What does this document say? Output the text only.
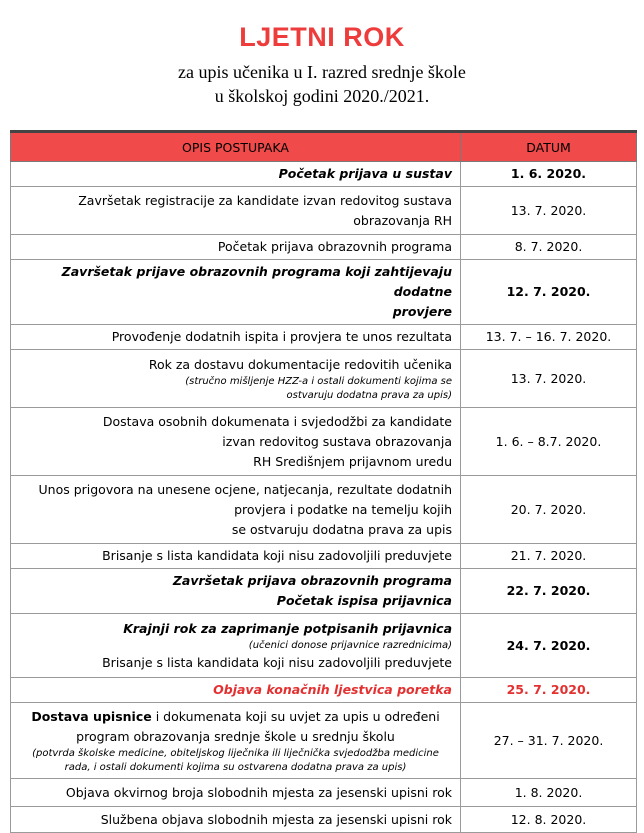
LJETNI ROK
za upis učenika u I. razred srednje škole
u školskoj godini 2020./2021.
OPIS POSTUPAKA	DATUM
Početak prijava u sustav	1. 6. 2020.

Završetak registracije za kandidate izvan redovitog sustava
obrazovanja RH	13. 7. 2020.
Početak prijava obrazovnih programa	8. 7. 2020.

Završetak prijave obrazovnih programa koji zahtijevaju dodatne
provjere	12. 7. 2020.
Provođenje dodatnih ispita i provjera te unos rezultata	13. 7. – 16. 7. 2020.

Rok za dostavu dokumentacije redovitih učenika
(stručno mišljenje HZZ-a i ostali dokumenti kojima se
ostvaruju dodatna prava za upis)	13. 7. 2020.

Dostava osobnih dokumenata i svjedodžbi za kandidate
izvan redovitog sustava obrazovanja
RH Središnjem prijavnom uredu	1. 6. – 8.7. 2020.

Unos prigovora na unesene ocjene, natjecanja, rezultate dodatnih
provjera i podatke na temelju kojih
se ostvaruju dodatna prava za upis	20. 7. 2020.
Brisanje s lista kandidata koji nisu zadovoljili preduvjete	21. 7. 2020.

Završetak prijava obrazovnih programa
Početak ispisa prijavnica	22. 7. 2020.

Krajnji rok za zaprimanje potpisanih prijavnica
(učenici donose prijavnice razrednicima)
Brisanje s lista kandidata koji nisu zadovoljili preduvjete	24. 7. 2020.
Objava konačnih ljestvica poretka	25. 7. 2020.

Dostava upisnice i dokumenata koji su uvjet za upis u određeni
program obrazovanja srednje škole u srednju školu
(potvrda školske medicine, obiteljskog liječnika ili liječnička svjedodžba medicine
rada, i ostali dokumenti kojima su ostvarena dodatna prava za upis)	27. – 31. 7. 2020.
Objava okvirnog broja slobodnih mjesta za jesenski upisni rok	1. 8. 2020.
Službena objava slobodnih mjesta za jesenski upisni rok	12. 8. 2020.
